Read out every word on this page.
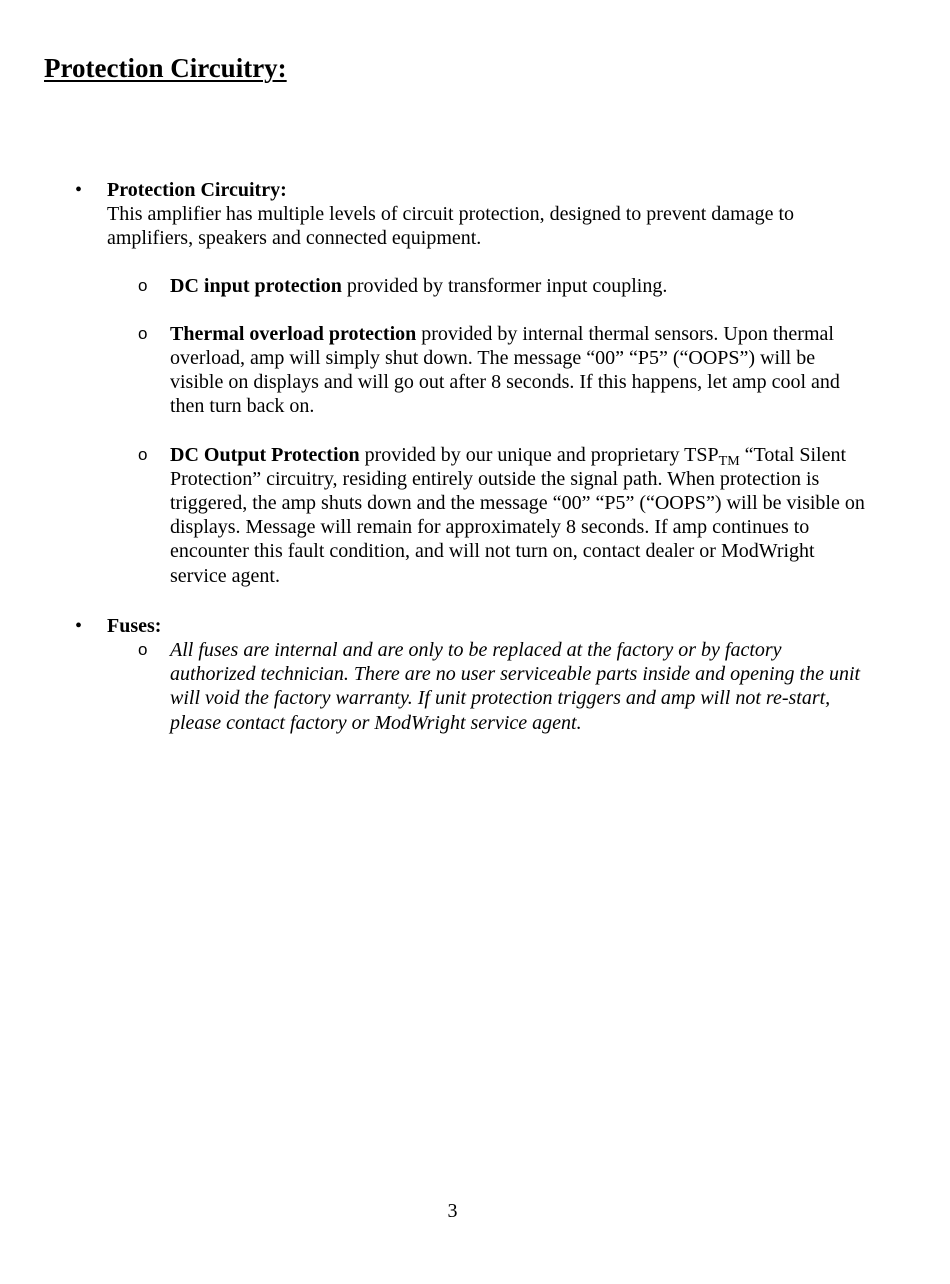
Protection Circuitry:
•	Protection Circuitry:
This amplifier has multiple levels of circuit protection, designed to prevent damage to amplifiers, speakers and connected equipment.
o DC input protection provided by transformer input coupling.
o Thermal overload protection provided by internal thermal sensors. Upon thermal overload, amp will simply shut down. The message “00” “P5” (“OOPS”) will be visible on displays and will go out after 8 seconds. If this happens, let amp cool and then turn back on.
o DC Output Protection provided by our unique and proprietary $TSP_{TM}$ “Total Silent Protection” circuitry, residing entirely outside the signal path. When protection is triggered, the amp shuts down and the message “00” “P5” (“OOPS”) will be visible on displays. Message will remain for approximately 8 seconds. If amp continues to encounter this fault condition, and will not turn on, contact dealer or ModWright service agent.
•	Fuses:
o All fuses are internal and are only to be replaced at the factory or by factory authorized technician. There are no user serviceable parts inside and opening the unit will void the factory warranty. If unit protection triggers and amp will not re-start, please contact factory or ModWright service agent.
3
